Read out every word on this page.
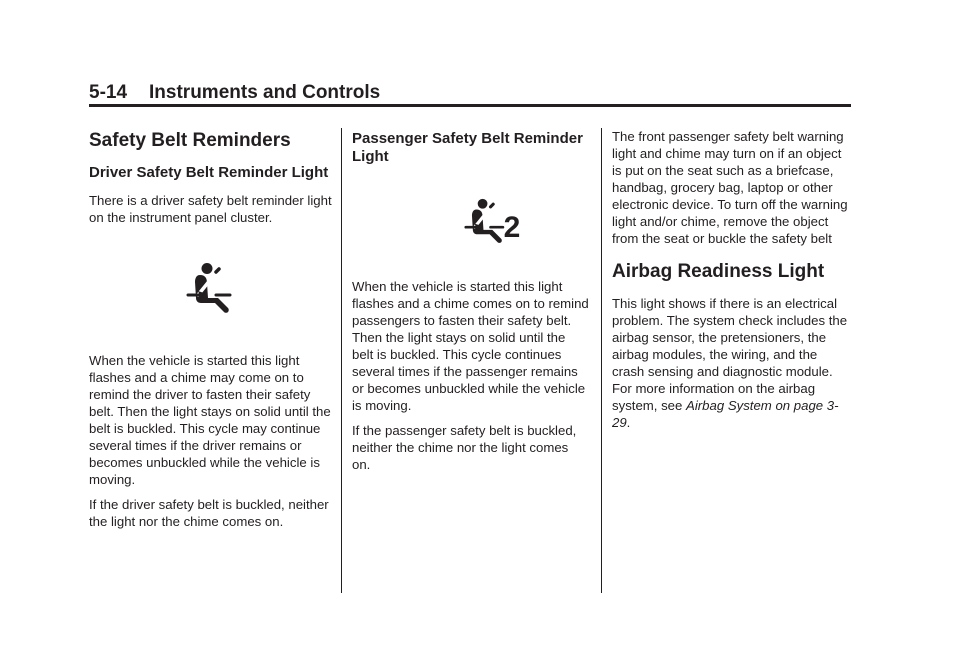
5-14 Instruments and Controls
Safety Belt Reminders
Driver Safety Belt Reminder Light

There is a driver safety belt reminder light on the instrument panel cluster.

When the vehicle is started this light flashes and a chime may come on to remind the driver to fasten their safety belt. Then the light stays on solid until the belt is buckled. This cycle may continue several times if the driver remains or becomes unbuckled while the vehicle is moving.

If the driver safety belt is buckled, neither the light nor the chime comes on.

Passenger Safety Belt Reminder Light
2

When the vehicle is started this light flashes and a chime comes on to remind passengers to fasten their safety belt. Then the light stays on solid until the belt is buckled. This cycle continues several times if the passenger remains or becomes unbuckled while the vehicle is moving.

If the passenger safety belt is buckled, neither the chime nor the light comes on.

The front passenger safety belt warning light and chime may turn on if an object is put on the seat such as a briefcase, handbag, grocery bag, laptop or other electronic device. To turn off the warning light and/or chime, remove the object from the seat or buckle the safety belt

Airbag Readiness Light

This light shows if there is an electrical problem. The system check includes the airbag sensor, the pretensioners, the airbag modules, the wiring, and the crash sensing and diagnostic module. For more information on the airbag system, see Airbag System on page 3-29.
